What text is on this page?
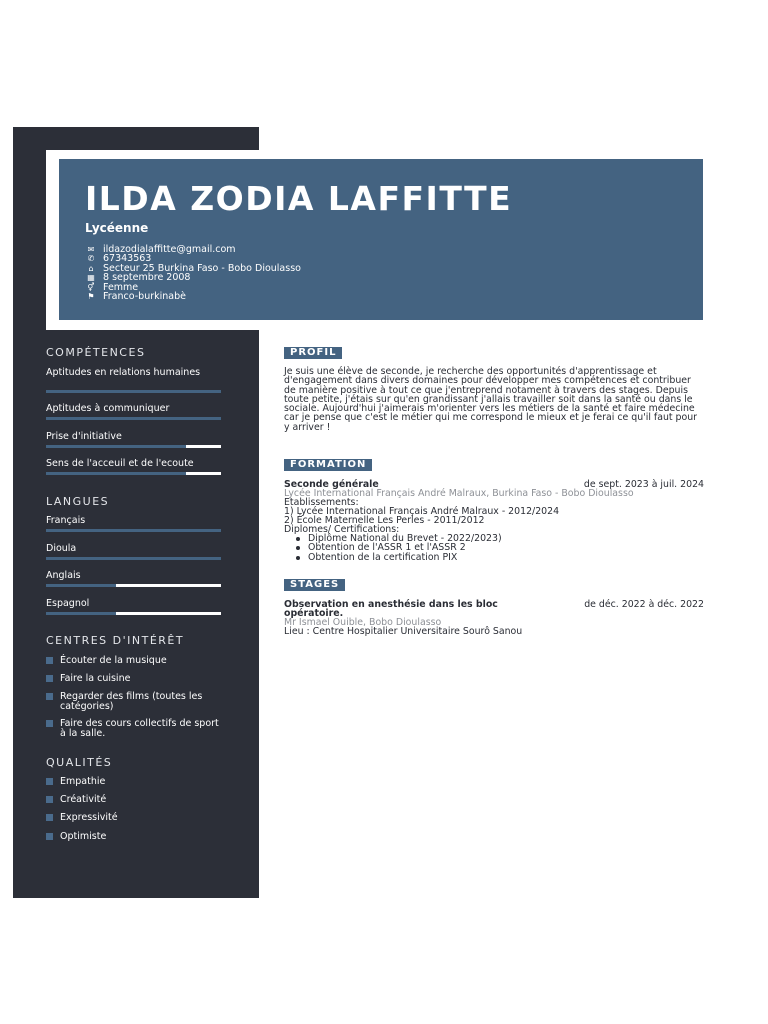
ILDA ZODIA LAFFITTE
Lycéenne
✉ ildazodialaffitte@gmail.com
✆ 67343563
⌂ Secteur 25 Burkina Faso - Bobo Dioulasso
▦ 8 septembre 2008
⚥ Femme
⚑ Franco-burkinabè
COMPÉTENCES
Aptitudes en relations humaines
Aptitudes à communiquer
Prise d'initiative
Sens de l'acceuil et de l'ecoute
LANGUES
Français
Dioula
Anglais
Espagnol
CENTRES D'INTÉRÊT
Écouter de la musique
Faire la cuisine
Regarder des films (toutes les catégories)
Faire des cours collectifs de sport à la salle.
QUALITÉS
Empathie
Créativité
Expressivité
Optimiste
PROFIL
Je suis une élève de seconde, je recherche des opportunités d'apprentissage et d'engagement dans divers domaines pour développer mes compétences et contribuer de manière positive à tout ce que j'entreprend notament à travers des stages. Depuis toute petite, j'étais sur qu'en grandissant j'allais travailler soit dans la santé ou dans le sociale. Aujourd'hui j'aimerais m'orienter vers les métiers de la santé et faire médecine car je pense que c'est le métier qui me correspond le mieux et je ferai ce qu'il faut pour y arriver !
FORMATION
Seconde générale	de sept. 2023 à juil. 2024
Lycée International Français André Malraux, Burkina Faso - Bobo Dioulasso
Etablissements:
1) Lycée International Français André Malraux - 2012/2024
2) École Maternelle Les Perles - 2011/2012
Diplomes/ Certifications:
Diplôme National du Brevet - 2022/2023)
Obtention de l'ASSR 1 et l'ASSR 2
Obtention de la certification PIX
STAGES
Observation en anesthésie dans les bloc opératoire.
de déc. 2022 à déc. 2022
Mr Ismael Ouible, Bobo Dioulasso
Lieu : Centre Hospitalier Universitaire Sourô Sanou
